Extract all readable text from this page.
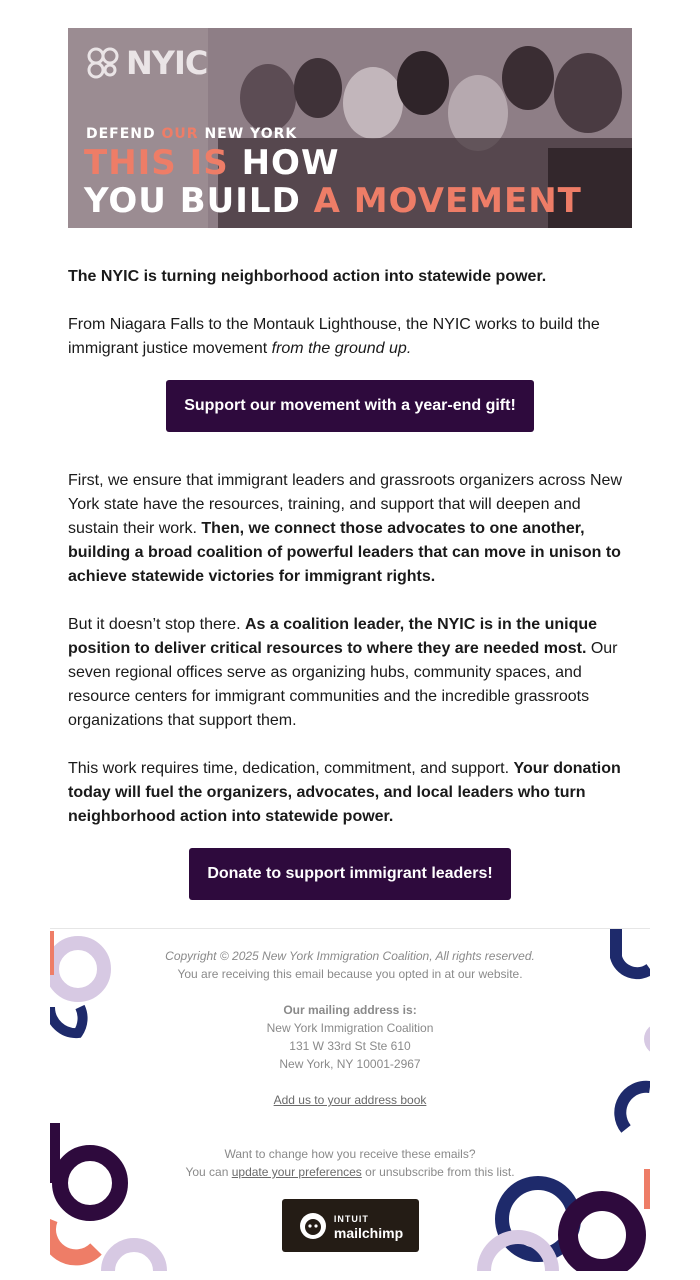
NYIC
DEFEND OUR NEW YORK
THIS IS HOW
YOU BUILD A MOVEMENT

The NYIC is turning neighborhood action into statewide power.

From Niagara Falls to the Montauk Lighthouse, the NYIC works to build the immigrant justice movement from the ground up.

Support our movement with a year-end gift!

First, we ensure that immigrant leaders and grassroots organizers across New York state have the resources, training, and support that will deepen and sustain their work. Then, we connect those advocates to one another, building a broad coalition of powerful leaders that can move in unison to achieve statewide victories for immigrant rights.

But it doesn’t stop there. As a coalition leader, the NYIC is in the unique position to deliver critical resources to where they are needed most. Our seven regional offices serve as organizing hubs, community spaces, and resource centers for immigrant communities and the incredible grassroots organizations that support them.

This work requires time, dedication, commitment, and support. Your donation today will fuel the organizers, advocates, and local leaders who turn neighborhood action into statewide power.

Donate to support immigrant leaders!
Copyright © 2025 New York Immigration Coalition, All rights reserved.
You are receiving this email because you opted in at our website.
Our mailing address is:
New York Immigration Coalition
131 W 33rd St Ste 610
New York, NY 10001-2967
Add us to your address book
Want to change how you receive these emails?
You can update your preferences or unsubscribe from this list.
INTUIT
mailchimp
